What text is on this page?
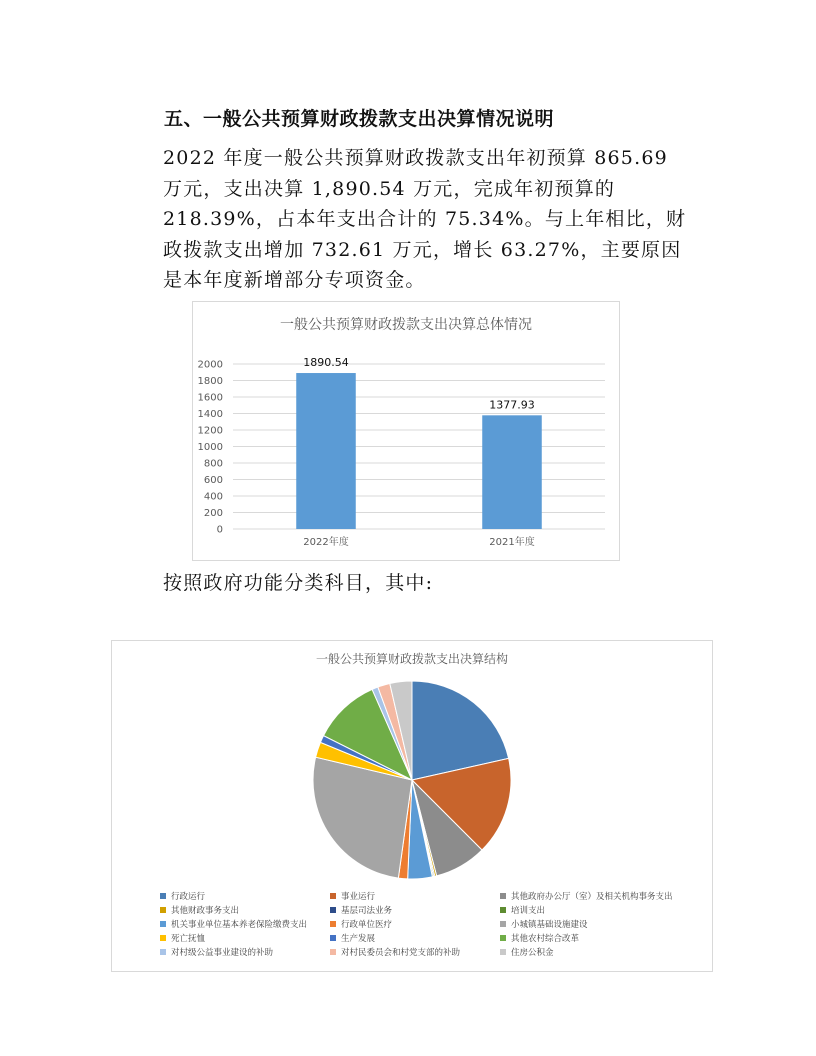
五、一般公共预算财政拨款支出决算情况说明

2022 年度一般公共预算财政拨款支出年初预算 865.69 万元，支出决算 1,890.54 万元，完成年初预算的 218.39%，占本年支出合计的 75.34%。与上年相比，财政拨款支出增加 732.61 万元，增长 63.27%，主要原因是本年度新增部分专项资金。

一般公共预算财政拨款支出决算总体情况
0
200
400
600
800
1000
1200
1400
1600
1800
2000	1890.54
2022年度
1377.93
2021年度

按照政府功能分类科目，其中:

一般公共预算财政拨款支出决算结构
行政运行	事业运行	其他政府办公厅（室）及相关机构事务支出
其他财政事务支出	基层司法业务	培训支出
机关事业单位基本养老保险缴费支出	行政单位医疗	小城镇基础设施建设
死亡抚恤	生产发展	其他农村综合改革
对村级公益事业建设的补助	对村民委员会和村党支部的补助	住房公积金
